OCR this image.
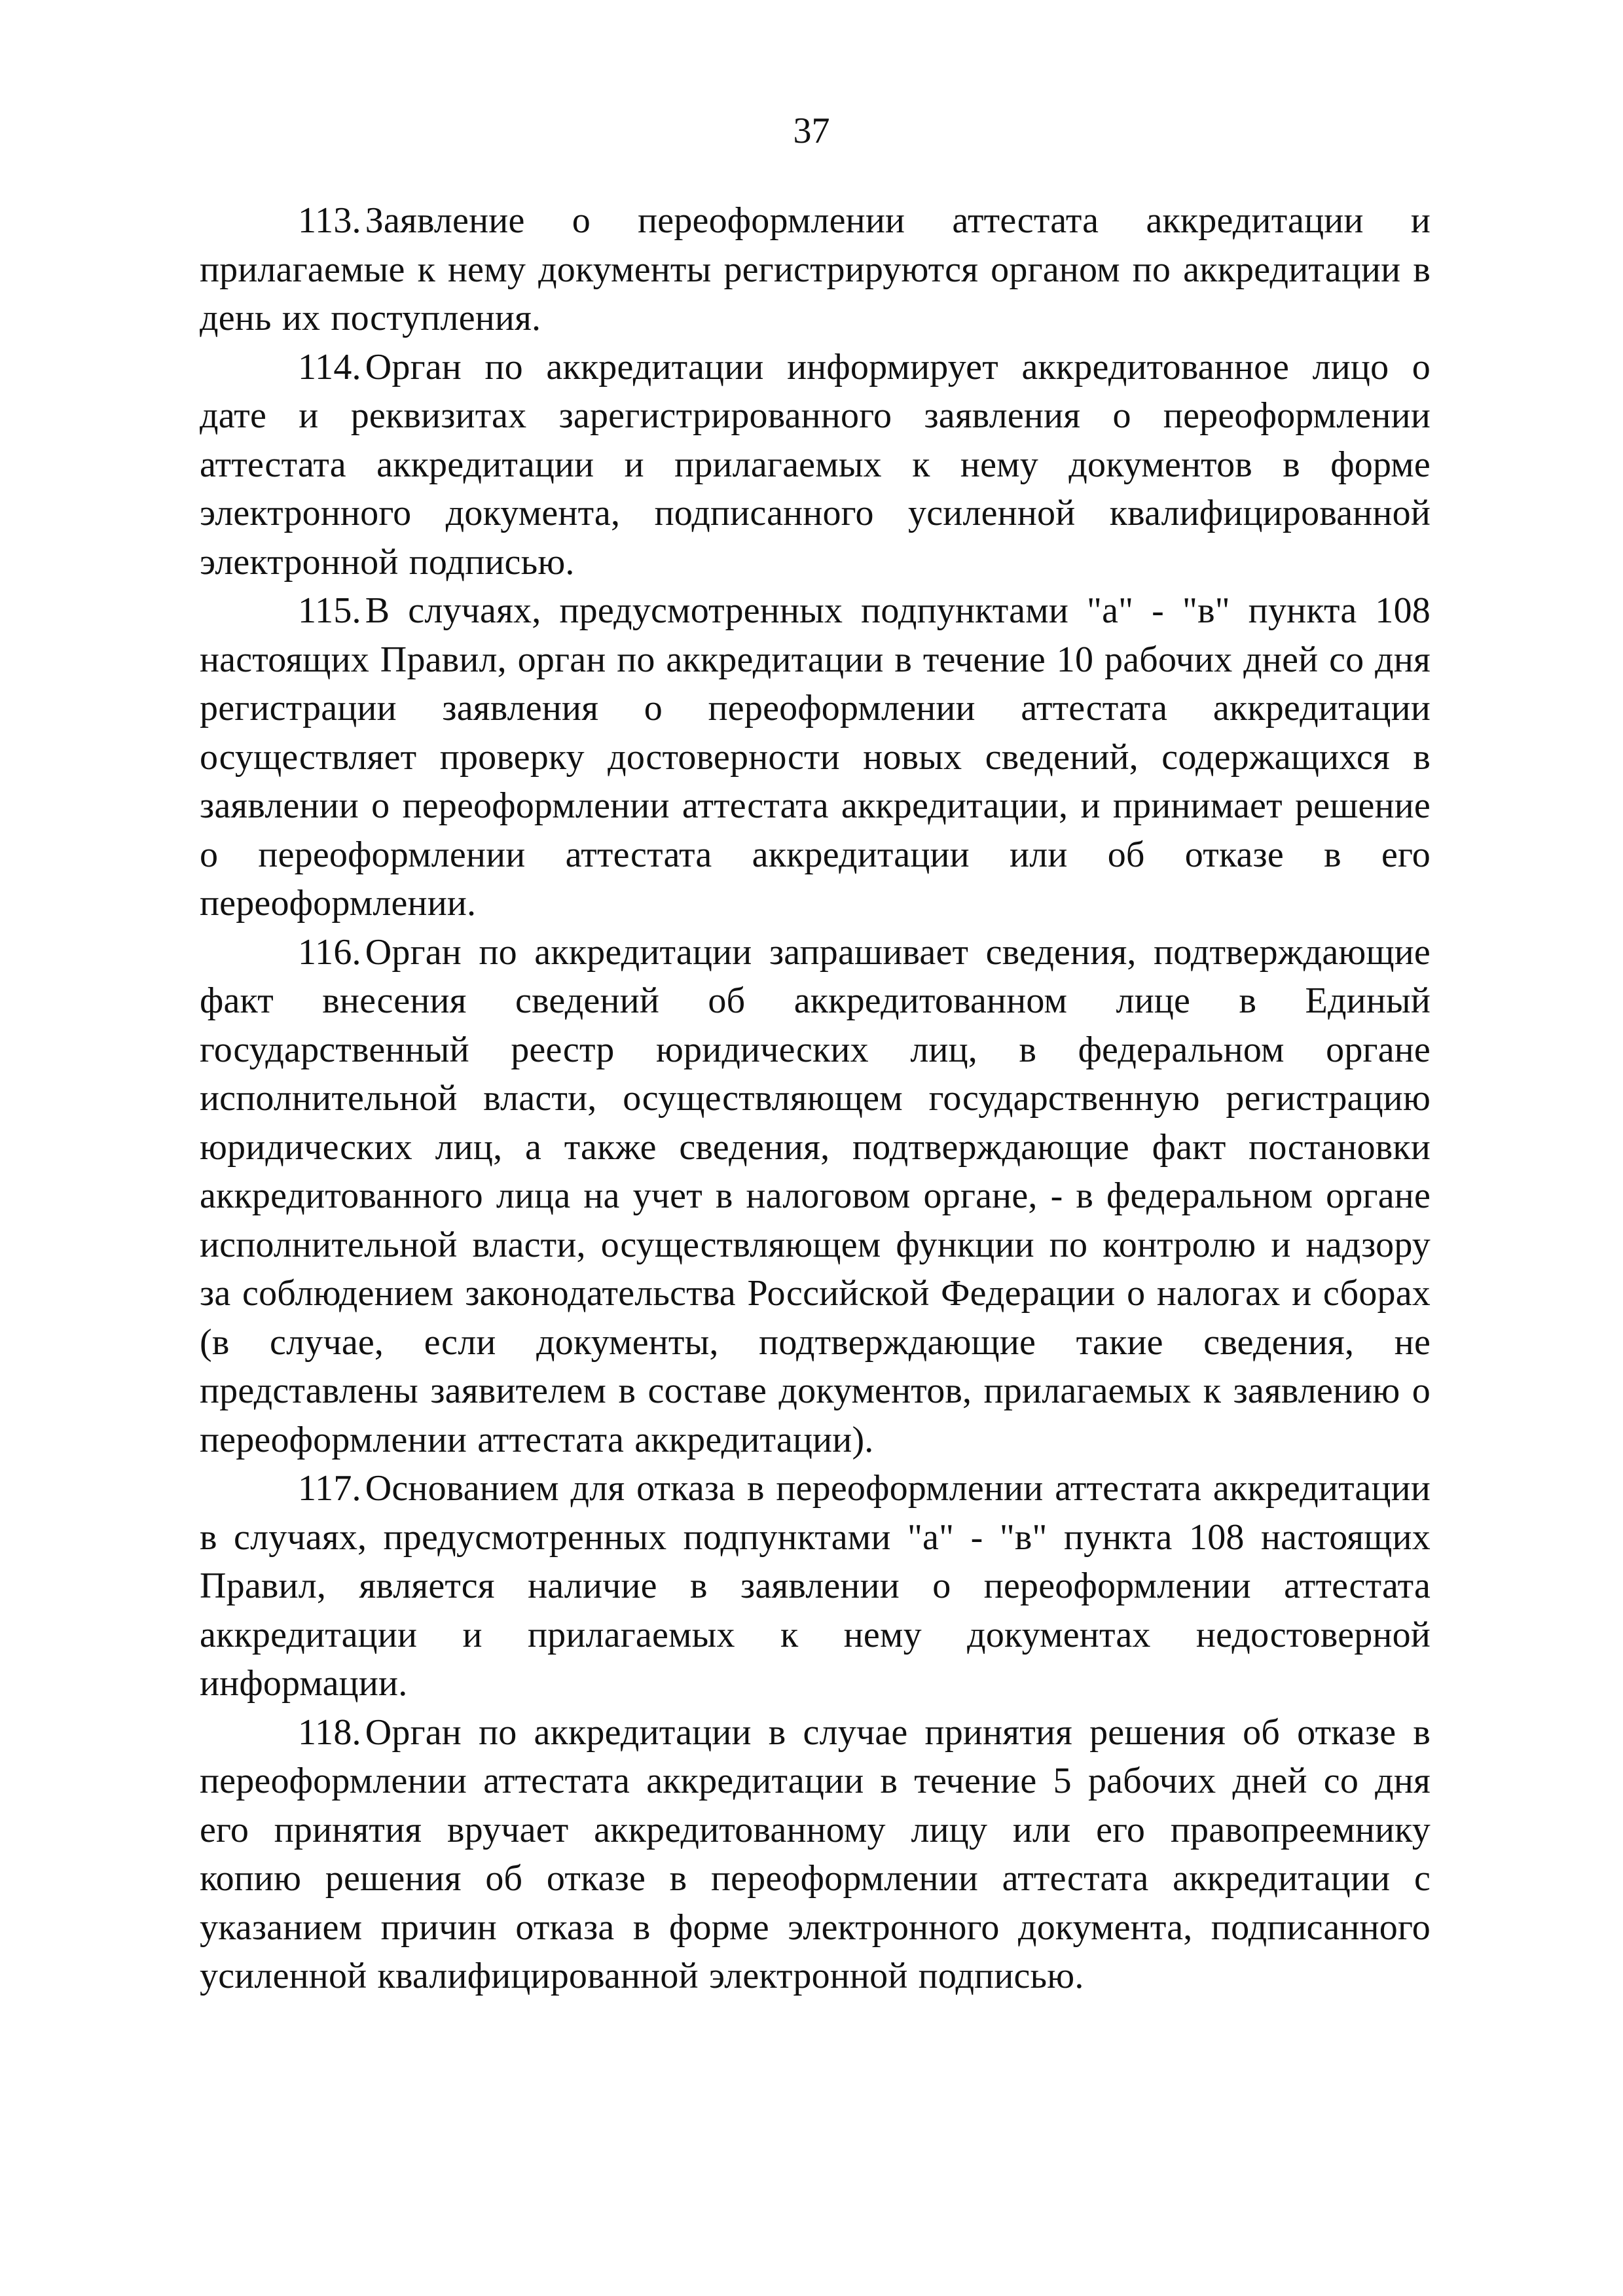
37

113. Заявление о переоформлении аттестата аккредитации и прилагаемые к нему документы регистрируются органом по аккредитации в день их поступления.

114. Орган по аккредитации информирует аккредитованное лицо о дате и реквизитах зарегистрированного заявления о переоформлении аттестата аккредитации и прилагаемых к нему документов в форме электронного документа, подписанного усиленной квалифицированной электронной подписью.

115. В случаях, предусмотренных подпунктами "а" - "в" пункта 108 настоящих Правил, орган по аккредитации в течение 10 рабочих дней со дня регистрации заявления о переоформлении аттестата аккредитации осуществляет проверку достоверности новых сведений, содержащихся в заявлении о переоформлении аттестата аккредитации, и принимает решение о переоформлении аттестата аккредитации или об отказе в его переоформлении.

116. Орган по аккредитации запрашивает сведения, подтверждающие факт внесения сведений об аккредитованном лице в Единый государственный реестр юридических лиц, в федеральном органе исполнительной власти, осуществляющем государственную регистрацию юридических лиц, а также сведения, подтверждающие факт постановки аккредитованного лица на учет в налоговом органе, - в федеральном органе исполнительной власти, осуществляющем функции по контролю и надзору за соблюдением законодательства Российской Федерации о налогах и сборах (в случае, если документы, подтверждающие такие сведения, не представлены заявителем в составе документов, прилагаемых к заявлению о переоформлении аттестата аккредитации).

117. Основанием для отказа в переоформлении аттестата аккредитации в случаях, предусмотренных подпунктами "а" - "в" пункта 108 настоящих Правил, является наличие в заявлении о переоформлении аттестата аккредитации и прилагаемых к нему документах недостоверной информации.

118. Орган по аккредитации в случае принятия решения об отказе в переоформлении аттестата аккредитации в течение 5 рабочих дней со дня его принятия вручает аккредитованному лицу или его правопреемнику копию решения об отказе в переоформлении аттестата аккредитации с указанием причин отказа в форме электронного документа, подписанного усиленной квалифицированной электронной подписью.
